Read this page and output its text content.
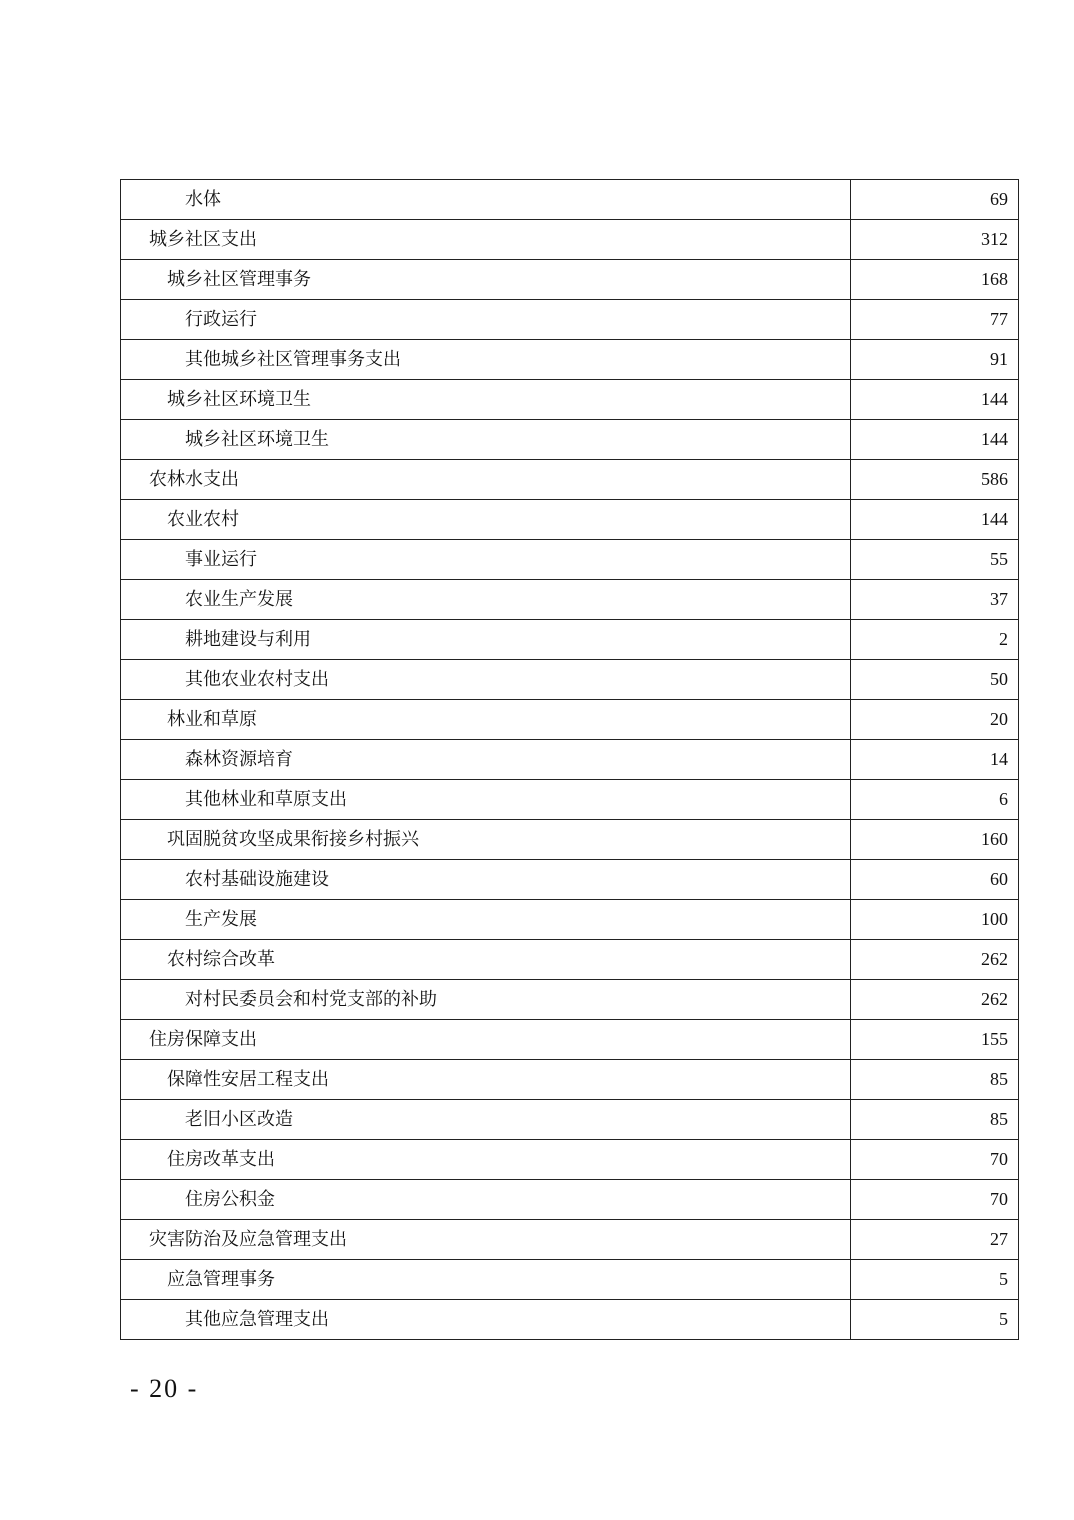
水体	69
城乡社区支出	312
城乡社区管理事务	168
行政运行	77
其他城乡社区管理事务支出	91
城乡社区环境卫生	144
城乡社区环境卫生	144
农林水支出	586
农业农村	144
事业运行	55
农业生产发展	37
耕地建设与利用	2
其他农业农村支出	50
林业和草原	20
森林资源培育	14
其他林业和草原支出	6
巩固脱贫攻坚成果衔接乡村振兴	160
农村基础设施建设	60
生产发展	100
农村综合改革	262
对村民委员会和村党支部的补助	262
住房保障支出	155
保障性安居工程支出	85
老旧小区改造	85
住房改革支出	70
住房公积金	70
灾害防治及应急管理支出	27
应急管理事务	5
其他应急管理支出	5
- 20 -
